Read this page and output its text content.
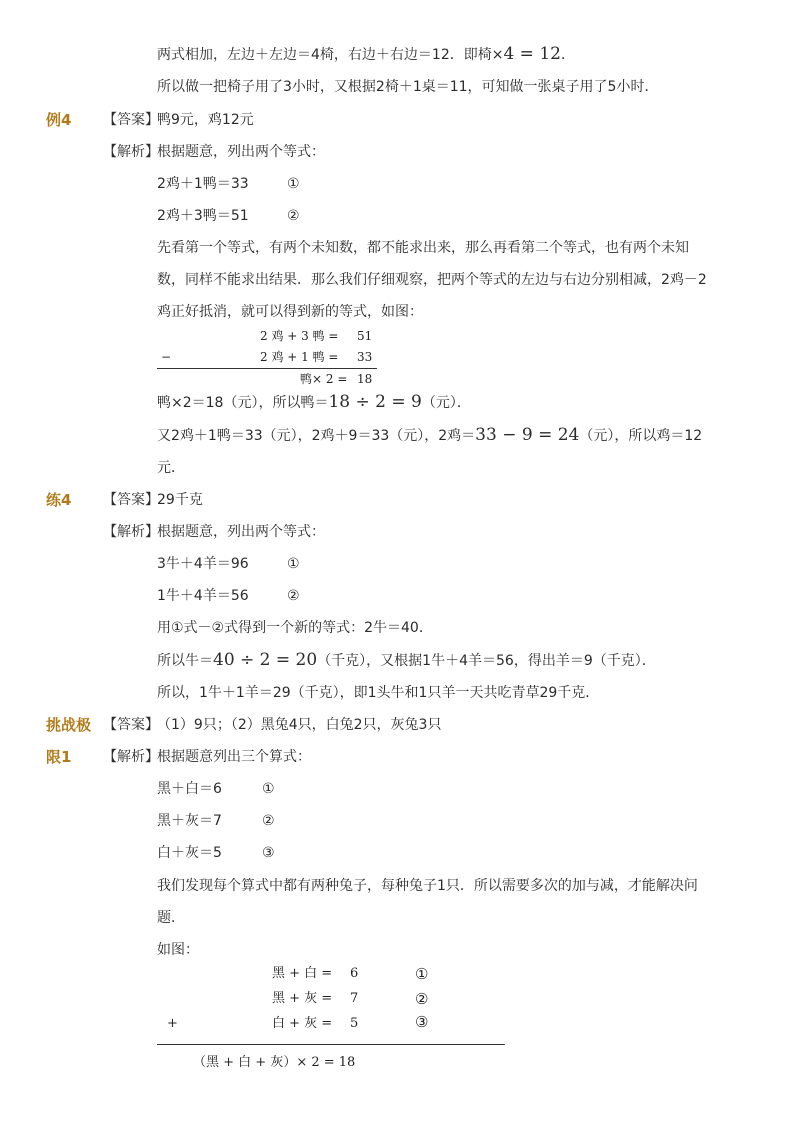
两式相加，左边＋左边＝4椅，右边＋右边＝12．即椅×4 = 12．
所以做一把椅子用了3小时，又根据2椅＋1桌＝11，可知做一张桌子用了5小时．
例4 【答案】
鸭9元，鸡12元
【解析】
根据题意，列出两个等式：
2鸡＋1鸭＝33	①
2鸡＋3鸭＝51	②
先看第一个等式，有两个未知数，都不能求出来，那么再看第二个等式，也有两个未知
数，同样不能求出结果．那么我们仔细观察，把两个等式的左边与右边分别相减，2鸡－2
鸡正好抵消，就可以得到新的等式，如图：
2 鸡 + 3 鸭 = 51
−	2 鸡 + 1 鸭 = 33
鸭× 2 = 18
鸭×2＝18（元），所以鸭＝18 ÷ 2 = 9（元）．
又2鸡＋1鸭＝33（元），2鸡＋9＝33（元），2鸡＝33 − 9 = 24（元），所以鸡＝12
元．
练4 【答案】
29千克
【解析】
根据题意，列出两个等式：
3牛＋4羊＝96	①
1牛＋4羊＝56	②
用①式－②式得到一个新的等式：2牛＝40．
所以牛＝40 ÷ 2 = 20（千克），又根据1牛＋4羊＝56，得出羊＝9（千克）．
所以，1牛＋1羊＝29（千克），即1头牛和1只羊一天共吃青草29千克．
挑战极
限1
【答案】
（1）9只；（2）黑兔4只，白兔2只，灰兔3只
【解析】
根据题意列出三个算式：
黑＋白＝6	①
黑＋灰＝7	②
白＋灰＝5	③
我们发现每个算式中都有两种兔子，每种兔子1只．所以需要多次的加与减，才能解决问
题．
如图：
黑 + 白 = 6	①
黑 + 灰 = 7	②
+	白 + 灰 = 5	③
（黑 + 白 + 灰）× 2 = 18
